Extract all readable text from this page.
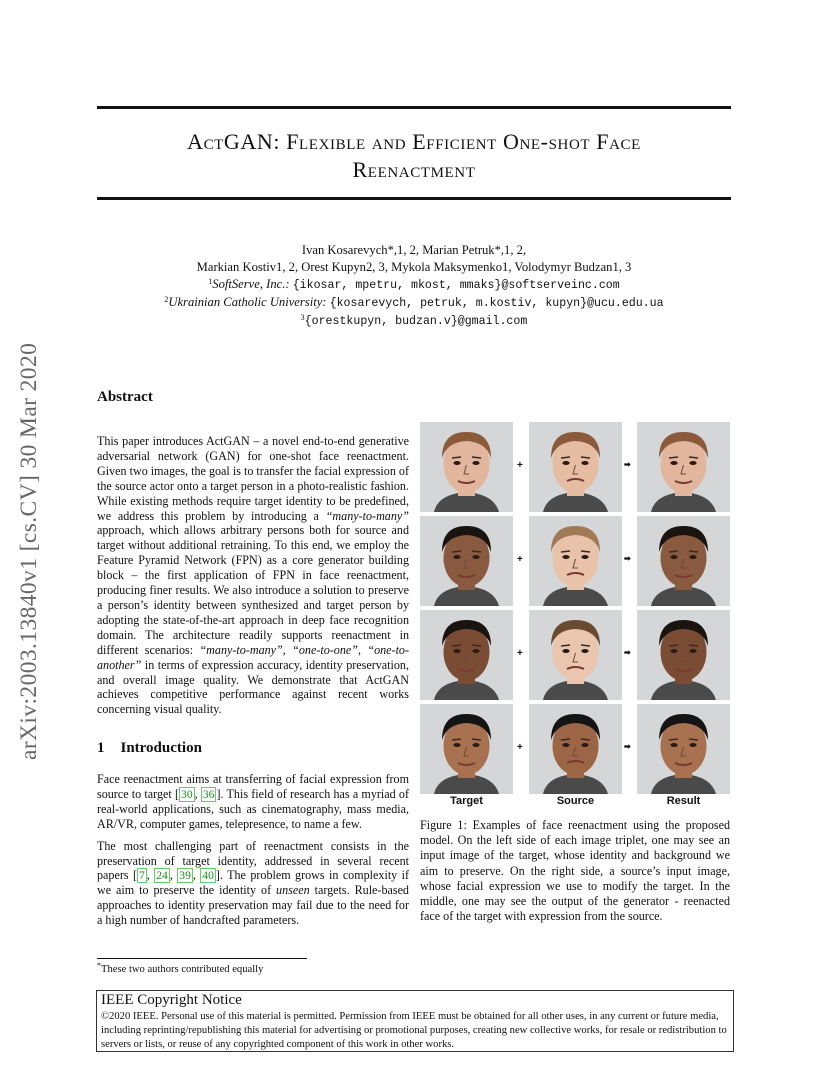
arXiv:2003.13840v1 [cs.CV] 30 Mar 2020
ActGAN: Flexible and Efficient One-shot Face
Reenactment
Ivan Kosarevych*,1, 2, Marian Petruk*,1, 2,
Markian Kostiv1, 2, Orest Kupyn2, 3, Mykola Maksymenko1, Volodymyr Budzan1, 3
$^1$SoftServe, Inc.: {ikosar, mpetru, mkost, mmaks}@softserveinc.com
$^2$Ukrainian Catholic University: {kosarevych, petruk, m.kostiv, kupyn}@ucu.edu.ua
$^3${orestkupyn, budzan.v}@gmail.com
Abstract

This paper introduces ActGAN – a novel end-to-end generative adversarial network (GAN) for one-shot face reenactment. Given two images, the goal is to transfer the facial expression of the source actor onto a target person in a photo-realistic fashion. While existing methods require target identity to be predefined, we address this problem by introducing a “many-to-many” approach, which allows arbitrary persons both for source and target without additional retraining. To this end, we employ the Feature Pyramid Network (FPN) as a core generator building block – the first application of FPN in face reenactment, producing finer results. We also introduce a solution to preserve a person’s identity between synthesized and target person by adopting the state-of-the-art approach in deep face recognition domain. The architecture readily supports reenactment in different scenarios: “many-to-many”, “one-to-one”, “one-to-another” in terms of expression accuracy, identity preservation, and overall image quality. We demonstrate that ActGAN achieves competitive performance against recent works concerning visual quality.

1 Introduction

Face reenactment aims at transferring of facial expression from source to target [ 30 , 36 ]. This field of research has a myriad of real-world applications, such as cinematography, mass media, AR/VR, computer games, telepresence, to name a few.

The most challenging part of reenactment consists in the preservation of target identity, addressed in several recent papers [ 7 , 24 , 39 , 40 ]. The problem grows in complexity if we aim to preserve the identity of unseen targets. Rule-based approaches to identity preservation may fail due to the need for a high number of handcrafted parameters.

+	➡
+	➡
+	➡
+	➡
Target	Source	Result
Figure 1: Examples of face reenactment using the proposed model. On the left side of each image triplet, one may see an input image of the target, whose identity and background we aim to preserve. On the right side, a source’s input image, whose facial expression we use to modify the target. In the middle, one may see the output of the generator - reenacted face of the target with expression from the source.
*These two authors contributed equally
IEEE Copyright Notice
©2020 IEEE. Personal use of this material is permitted. Permission from IEEE must be obtained for all other uses, in any current or future media, including reprinting/republishing this material for advertising or promotional purposes, creating new collective works, for resale or redistribution to servers or lists, or reuse of any copyrighted component of this work in other works.
